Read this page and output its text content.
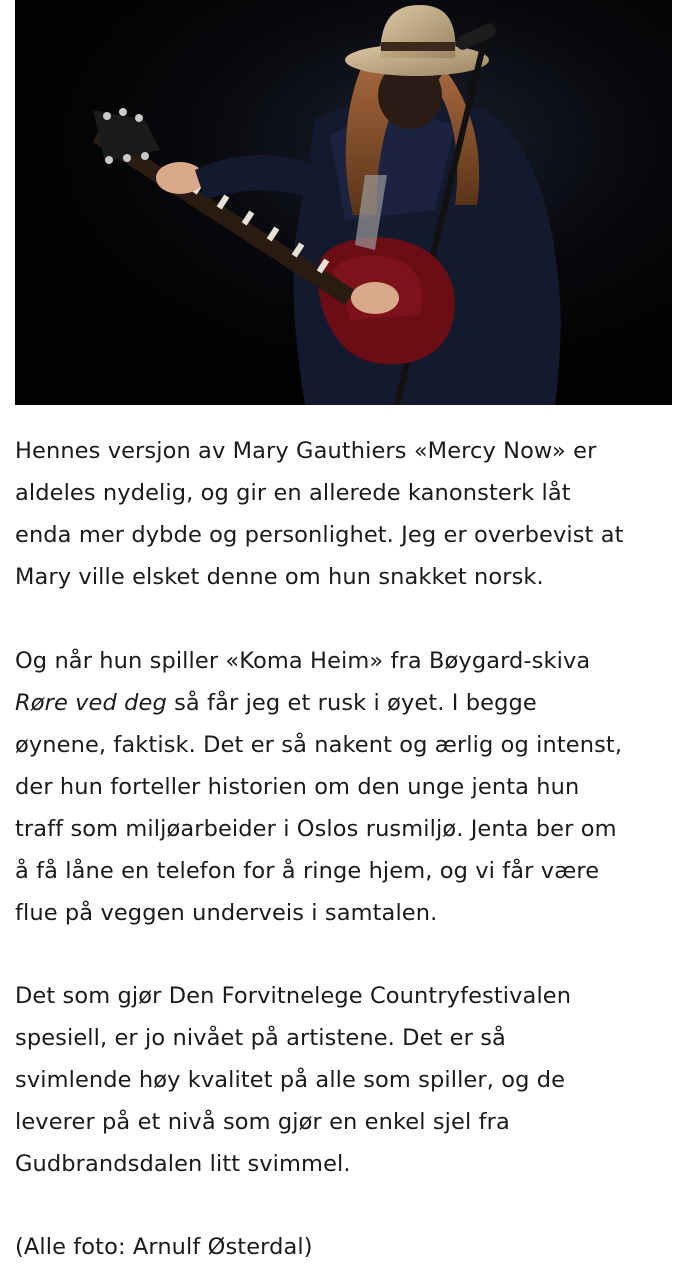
Hennes versjon av Mary Gauthiers «Mercy Now» er
aldeles nydelig, og gir en allerede kanonsterk låt
enda mer dybde og personlighet. Jeg er overbevist at
Mary ville elsket denne om hun snakket norsk.

Og når hun spiller «Koma Heim» fra Bøygard-skiva
Røre ved deg så får jeg et rusk i øyet. I begge
øynene, faktisk. Det er så nakent og ærlig og intenst,
der hun forteller historien om den unge jenta hun
traff som miljøarbeider i Oslos rusmiljø. Jenta ber om
å få låne en telefon for å ringe hjem, og vi får være
flue på veggen underveis i samtalen.

Det som gjør Den Forvitnelege Countryfestivalen
spesiell, er jo nivået på artistene. Det er så
svimlende høy kvalitet på alle som spiller, og de
leverer på et nivå som gjør en enkel sjel fra
Gudbrandsdalen litt svimmel.

(Alle foto: Arnulf Østerdal)
